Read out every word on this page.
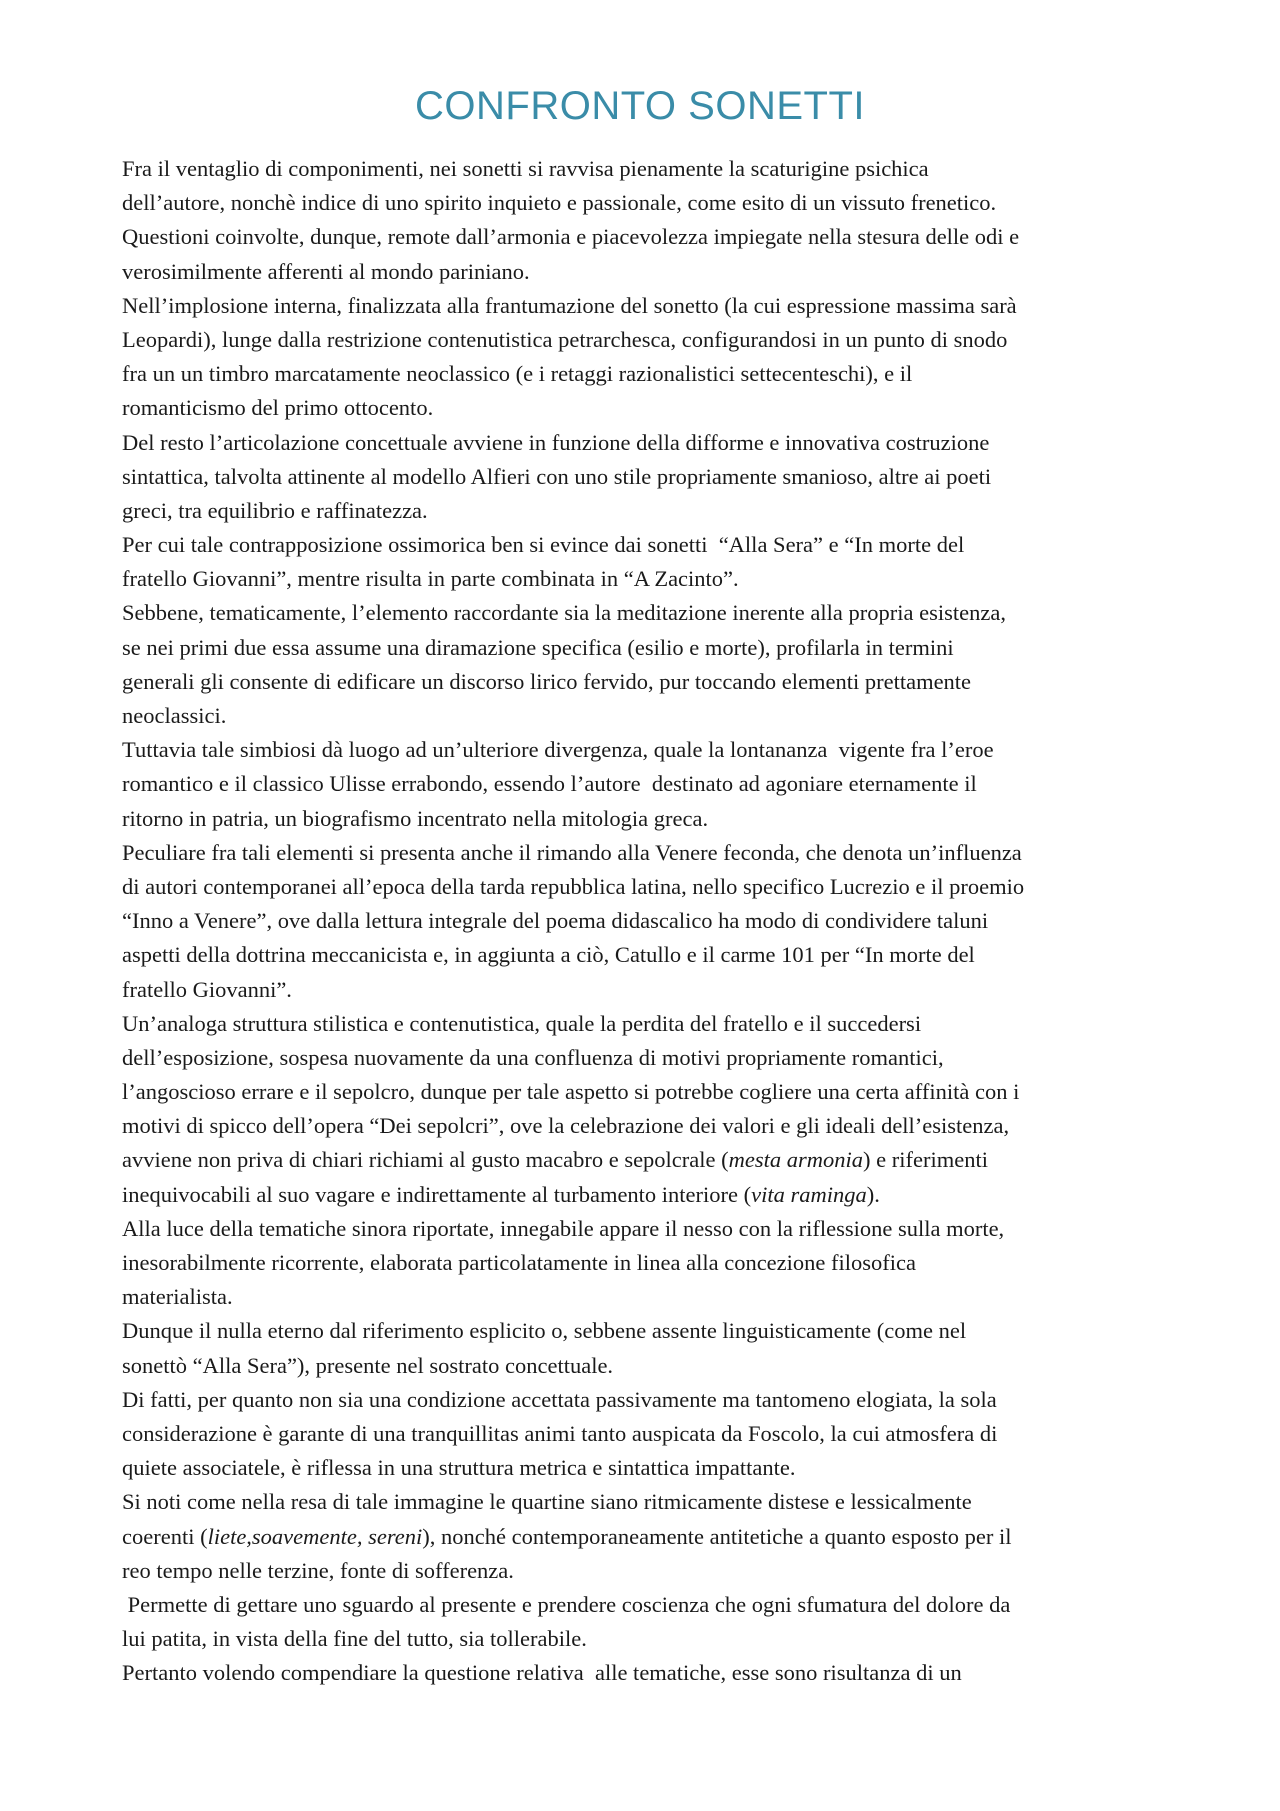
CONFRONTO SONETTI

Fra il ventaglio di componimenti, nei sonetti si ravvisa pienamente la scaturigine psichica
dell’autore, nonchè indice di uno spirito inquieto e passionale, come esito di un vissuto frenetico.
Questioni coinvolte, dunque, remote dall’armonia e piacevolezza impiegate nella stesura delle odi e
verosimilmente afferenti al mondo pariniano.

Nell’implosione interna, finalizzata alla frantumazione del sonetto (la cui espressione massima sarà
Leopardi), lunge dalla restrizione contenutistica petrarchesca, configurandosi in un punto di snodo
fra un un timbro marcatamente neoclassico (e i retaggi razionalistici settecenteschi), e il
romanticismo del primo ottocento.

Del resto l’articolazione concettuale avviene in funzione della difforme e innovativa costruzione
sintattica, talvolta attinente al modello Alfieri con uno stile propriamente smanioso, altre ai poeti
greci, tra equilibrio e raffinatezza.

Per cui tale contrapposizione ossimorica ben si evince dai sonetti  “Alla Sera” e “In morte del
fratello Giovanni”, mentre risulta in parte combinata in “A Zacinto”.

Sebbene, tematicamente, l’elemento raccordante sia la meditazione inerente alla propria esistenza,
se nei primi due essa assume una diramazione specifica (esilio e morte), profilarla in termini
generali gli consente di edificare un discorso lirico fervido, pur toccando elementi prettamente
neoclassici.

Tuttavia tale simbiosi dà luogo ad un’ulteriore divergenza, quale la lontananza  vigente fra l’eroe
romantico e il classico Ulisse errabondo, essendo l’autore  destinato ad agoniare eternamente il
ritorno in patria, un biografismo incentrato nella mitologia greca.

Peculiare fra tali elementi si presenta anche il rimando alla Venere feconda, che denota un’influenza
di autori contemporanei all’epoca della tarda repubblica latina, nello specifico Lucrezio e il proemio
“Inno a Venere”, ove dalla lettura integrale del poema didascalico ha modo di condividere taluni
aspetti della dottrina meccanicista e, in aggiunta a ciò, Catullo e il carme 101 per “In morte del
fratello Giovanni”.

Un’analoga struttura stilistica e contenutistica, quale la perdita del fratello e il succedersi
dell’esposizione, sospesa nuovamente da una confluenza di motivi propriamente romantici,
l’angoscioso errare e il sepolcro, dunque per tale aspetto si potrebbe cogliere una certa affinità con i
motivi di spicco dell’opera “Dei sepolcri”, ove la celebrazione dei valori e gli ideali dell’esistenza,
avviene non priva di chiari richiami al gusto macabro e sepolcrale (mesta armonia) e riferimenti
inequivocabili al suo vagare e indirettamente al turbamento interiore (vita raminga).

Alla luce della tematiche sinora riportate, innegabile appare il nesso con la riflessione sulla morte,
inesorabilmente ricorrente, elaborata particolatamente in linea alla concezione filosofica
materialista.

Dunque il nulla eterno dal riferimento esplicito o, sebbene assente linguisticamente (come nel
sonettò “Alla Sera”), presente nel sostrato concettuale.

Di fatti, per quanto non sia una condizione accettata passivamente ma tantomeno elogiata, la sola
considerazione è garante di una tranquillitas animi tanto auspicata da Foscolo, la cui atmosfera di
quiete associatele, è riflessa in una struttura metrica e sintattica impattante.

Si noti come nella resa di tale immagine le quartine siano ritmicamente distese e lessicalmente
coerenti (liete,soavemente, sereni), nonché contemporaneamente antitetiche a quanto esposto per il
reo tempo nelle terzine, fonte di sofferenza.

Permette di gettare uno sguardo al presente e prendere coscienza che ogni sfumatura del dolore da
lui patita, in vista della fine del tutto, sia tollerabile.

Pertanto volendo compendiare la questione relativa  alle tematiche, esse sono risultanza di un
